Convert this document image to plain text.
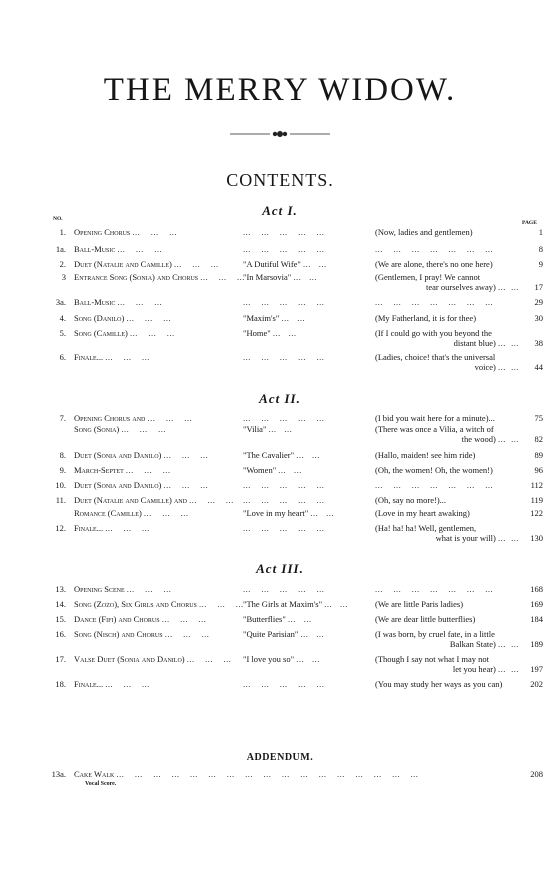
THE MERRY WIDOW.
CONTENTS.
NO.
PAGE
Act I.
Act II.
Act III.
1. Opening Chorus ...    ...    ...	...    ...    ...    ...    ...	(Now, ladies and gentlemen)	1
1a. Ball-Music ...    ...    ...	...    ...    ...    ...    ...	...    ...    ...    ...    ...    ...    ...	8
2. Duet (Natalie and Camille) ...    ...    ...	"A Dutiful Wife" ...   ...	(We are alone, there's no one here)	9
3 Entrance Song (Sonia) and Chorus ...    ...    ...
"In Marsovia" ...   ...	(Gentlemen, I pray! We cannot
tear ourselves away) ...  ...	17
3a. Ball-Music ...    ...    ...	...    ...    ...    ...    ...	...    ...    ...    ...    ...    ...    ...	29
4. Song (Danilo) ...    ...    ...	"Maxim's" ...   ...	(My Fatherland, it is for thee)	30
5. Song (Camille) ...    ...    ...	"Home" ...   ...	(If I could go with you beyond the
distant blue) ...  ...	38
6. Finale... ...    ...    ...	...    ...    ...    ...    ...	(Ladies, choice! that's the universal
voice) ...  ...	44
7. Opening Chorus and ...    ...    ...	...    ...    ...    ...    ...	(I bid you wait here for a minute)...	75
Song (Sonia) ...    ...    ...	"Vilia" ...   ...	(There was once a Vilia, a witch of
the wood) ...  ...	82
8. Duet (Sonia and Danilo) ...    ...    ...	"The Cavalier" ...   ...	(Hallo, maiden! see him ride)	89
9. March-Septet ...    ...    ...	"Women" ...   ...	(Oh, the women! Oh, the women!)	96
10. Duet (Sonia and Danilo) ...    ...    ...	...    ...    ...    ...    ...	...    ...    ...    ...    ...    ...    ...	112
11. Duet (Natalie and Camille) and ...    ...    ... ...    ...    ...    ...    ...	(Oh, say no more!)...	119
Romance (Camille) ...    ...    ...	"Love in my heart" ...   ...	(Love in my heart awaking)	122
12. Finale... ...    ...    ...	...    ...    ...    ...    ...	(Ha! ha! ha! Well, gentlemen,
what is your will) ...  ...	130
13. Opening Scene ...    ...    ...	...    ...    ...    ...    ...	...    ...    ...    ...    ...    ...    ...	168
14. Song (Zozo), Six Girls and Chorus ...    ...    ... "The Girls at Maxim's" ...   ...	(We are little Paris ladies)	169
15. Dance (Fifi) and Chorus ...    ...    ...	"Butterflies" ...   ...	(We are dear little butterflies)	184
16. Song (Nisch) and Chorus ...    ...    ...	"Quite Parisian" ...   ...	(I was born, by cruel fate, in a little
Balkan State) ...  ...	189
17. Valse Duet (Sonia and Danilo) ...    ...    ... "I love you so" ...   ...	(Though I say not what I may not
let you hear) ...  ...	197
18. Finale... ...    ...    ...	...    ...    ...    ...    ...	(You may study her ways as you can)	202
ADDENDUM.
13a. Cake Walk ...    ...    ...    ...    ...    ...    ...    ...    ...    ...    ...    ...    ...    ...    ...    ...    ...	208
Vocal Score.
